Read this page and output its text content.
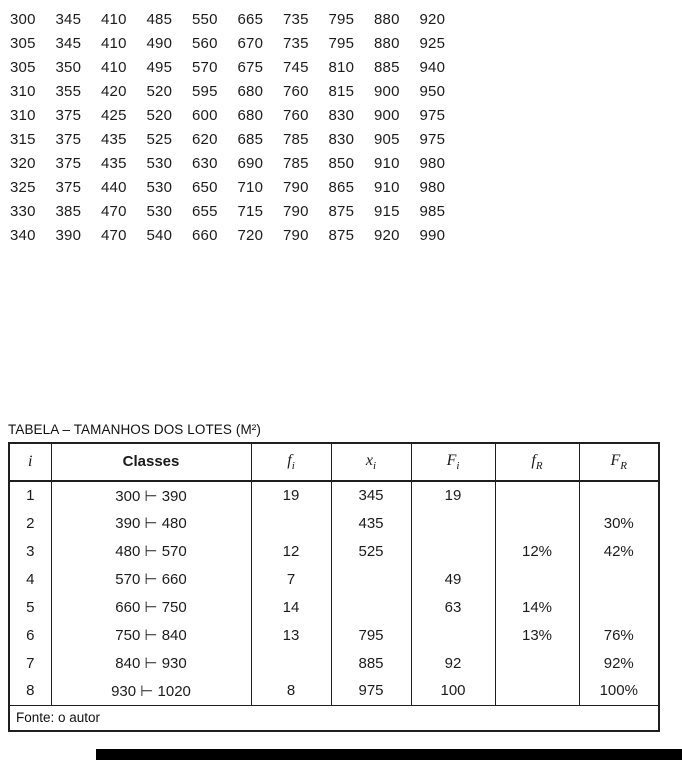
300	345	410	485	550	665	735	795	880	920
305	345	410	490	560	670	735	795	880	925
305	350	410	495	570	675	745	810	885	940
310	355	420	520	595	680	760	815	900	950
310	375	425	520	600	680	760	830	900	975
315	375	435	525	620	685	785	830	905	975
320	375	435	530	630	690	785	850	910	980
325	375	440	530	650	710	790	865	910	980
330	385	470	530	655	715	790	875	915	985
340	390	470	540	660	720	790	875	920	990
TABELA – TAMANHOS DOS LOTES (M²)
i	Classes	$f_i$	$x_i$	$F_i$	$f_R$	$F_R$
1	300 ⊢ 390	19	345	19		
2	390 ⊢ 480		435			30%
3	480 ⊢ 570	12	525		12%	42%
4	570 ⊢ 660	7		49		
5	660 ⊢ 750	14		63	14%	
6	750 ⊢ 840	13	795		13%	76%
7	840 ⊢ 930		885	92		92%
8	930 ⊢ 1020	8	975	100		100%
Fonte: o autor						
